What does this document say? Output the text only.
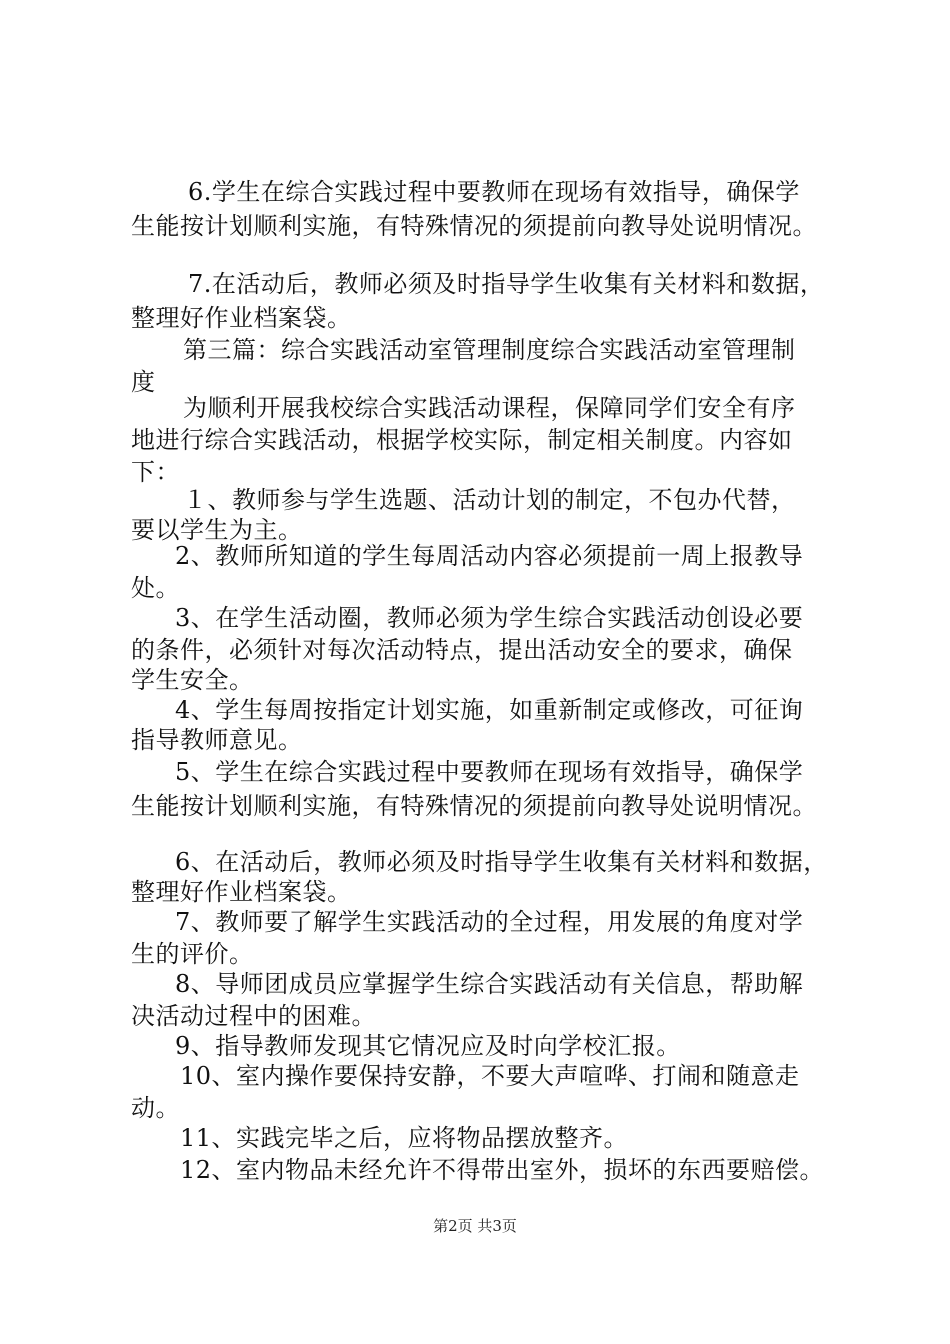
6.学生在综合实践过程中要教师在现场有效指导，确保学
生能按计划顺利实施，有特殊情况的须提前向教导处说明情况。
7.在活动后，教师必须及时指导学生收集有关材料和数据，
整理好作业档案袋。
第三篇：综合实践活动室管理制度综合实践活动室管理制
度
为顺利开展我校综合实践活动课程，保障同学们安全有序
地进行综合实践活动，根据学校实际，制定相关制度。内容如
下：
１、教师参与学生选题、活动计划的制定，不包办代替，
要以学生为主。
2、教师所知道的学生每周活动内容必须提前一周上报教导
处。
3、在学生活动圈，教师必须为学生综合实践活动创设必要
的条件，必须针对每次活动特点，提出活动安全的要求，确保
学生安全。
4、学生每周按指定计划实施，如重新制定或修改，可征询
指导教师意见。
5、学生在综合实践过程中要教师在现场有效指导，确保学
生能按计划顺利实施，有特殊情况的须提前向教导处说明情况。
6、在活动后，教师必须及时指导学生收集有关材料和数据，
整理好作业档案袋。
7、教师要了解学生实践活动的全过程，用发展的角度对学
生的评价。
8、导师团成员应掌握学生综合实践活动有关信息，帮助解
决活动过程中的困难。
9、指导教师发现其它情况应及时向学校汇报。
10、室内操作要保持安静，不要大声喧哗、打闹和随意走
动。
11、实践完毕之后，应将物品摆放整齐。
12、室内物品未经允许不得带出室外，损坏的东西要赔偿。
第2页 共3页
